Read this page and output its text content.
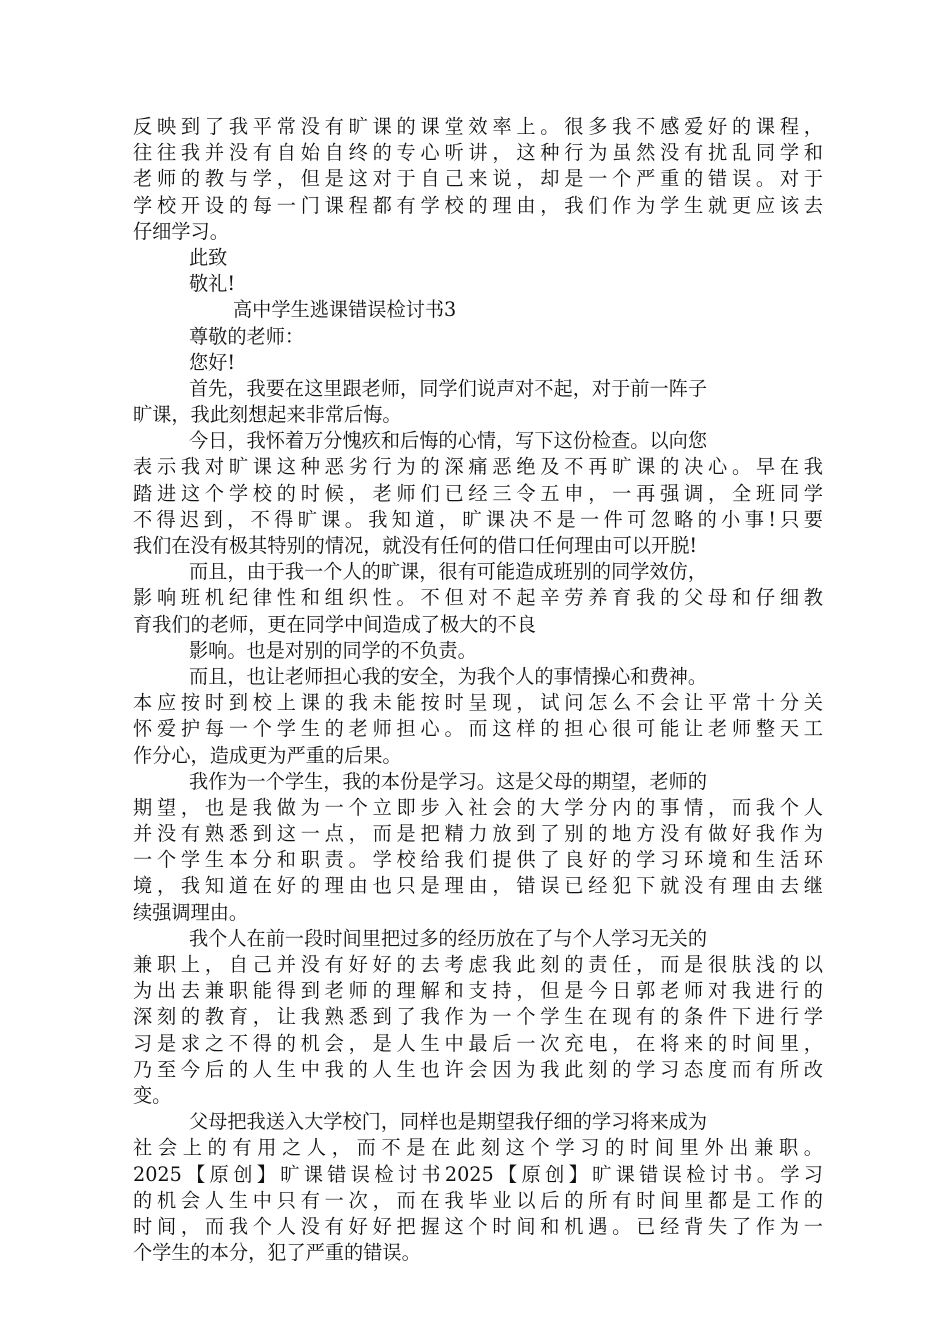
反映到了我平常没有旷课的课堂效率上。很多我不感爱好的课程，
往往我并没有自始自终的专心听讲，这种行为虽然没有扰乱同学和
老师的教与学，但是这对于自己来说，却是一个严重的错误。对于
学校开设的每一门课程都有学校的理由，我们作为学生就更应该去
仔细学习。
此致
敬礼!
高中学生逃课错误检讨书3
尊敬的老师：
您好!
首先，我要在这里跟老师，同学们说声对不起，对于前一阵子
旷课，我此刻想起来非常后悔。
今日，我怀着万分愧疚和后悔的心情，写下这份检查。以向您
表示我对旷课这种恶劣行为的深痛恶绝及不再旷课的决心。早在我
踏进这个学校的时候，老师们已经三令五申，一再强调，全班同学
不得迟到，不得旷课。我知道，旷课决不是一件可忽略的小事!只要
我们在没有极其特别的情况，就没有任何的借口任何理由可以开脱!
而且，由于我一个人的旷课，很有可能造成班别的同学效仿，
影响班机纪律性和组织性。不但对不起辛劳养育我的父母和仔细教
育我们的老师，更在同学中间造成了极大的不良
影响。也是对别的同学的不负责。
而且，也让老师担心我的安全，为我个人的事情操心和费神。
本应按时到校上课的我未能按时呈现，试问怎么不会让平常十分关
怀爱护每一个学生的老师担心。而这样的担心很可能让老师整天工
作分心，造成更为严重的后果。
我作为一个学生，我的本份是学习。这是父母的期望，老师的
期望，也是我做为一个立即步入社会的大学分内的事情，而我个人
并没有熟悉到这一点，而是把精力放到了别的地方没有做好我作为
一个学生本分和职责。学校给我们提供了良好的学习环境和生活环
境，我知道在好的理由也只是理由，错误已经犯下就没有理由去继
续强调理由。
我个人在前一段时间里把过多的经历放在了与个人学习无关的
兼职上，自己并没有好好的去考虑我此刻的责任，而是很肤浅的以
为出去兼职能得到老师的理解和支持，但是今日郭老师对我进行的
深刻的教育，让我熟悉到了我作为一个学生在现有的条件下进行学
习是求之不得的机会，是人生中最后一次充电，在将来的时间里，
乃至今后的人生中我的人生也许会因为我此刻的学习态度而有所改
变。
父母把我送入大学校门，同样也是期望我仔细的学习将来成为
社会上的有用之人，而不是在此刻这个学习的时间里外出兼职。
2025【原创】旷课错误检讨书2025【原创】旷课错误检讨书。学习
的机会人生中只有一次，而在我毕业以后的所有时间里都是工作的
时间，而我个人没有好好把握这个时间和机遇。已经背失了作为一
个学生的本分，犯了严重的错误。
